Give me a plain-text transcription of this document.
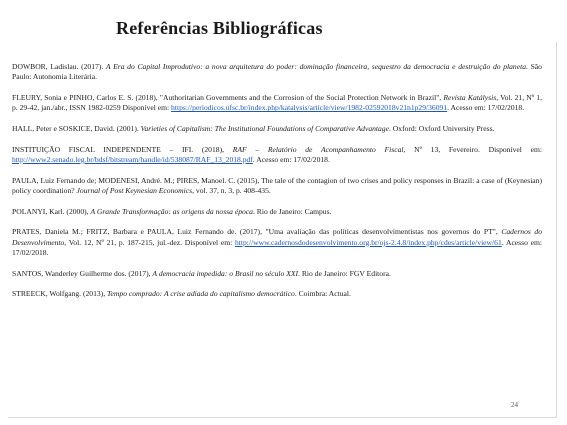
Referências Bibliográficas

DOWBOR, Ladislau. (2017). A Era do Capital Improdutivo: a nova arquitetura do poder: dominação financeira, sequestro da democracia e destruição do planeta. São Paulo: Autonomia Literária.

FLEURY, Sonia e PINHO, Carlos E. S. (2018), "Authoritarian Governments and the Corrosion of the Social Protection Network in Brazil", Revista Katálysis, Vol. 21, Nº 1, p. 29-42, jan./abr., ISSN 1982-0259 Disponível em: https://periodicos.ufsc.br/index.php/katalysis/article/view/1982-02592018v21n1p29/36091. Acesso em: 17/02/2018.

HALL, Peter e SOSKICE, David. (2001). Varieties of Capitalism: The Institutional Foundations of Comparative Advantage. Oxford: Oxford University Press.

INSTITUIÇÃO FISCAL INDEPENDENTE – IFI. (2018), RAF – Relatório de Acompanhamento Fiscal, Nº 13, Fevereiro. Disponível em: http://www2.senado.leg.br/bdsf/bitstream/handle/id/538087/RAF_13_2018.pdf. Acesso em: 17/02/2018.

PAULA, Luiz Fernando de; MODENESI, André. M.; PIRES, Manoel. C. (2015), The tale of the contagion of two crises and policy responses in Brazil: a case of (Keynesian) policy coordination? Journal of Post Keynesian Economics, vol. 37, n. 3, p. 408-435.

POLANYI, Karl. (2000), A Grande Transformação: as origens da nossa época. Rio de Janeiro: Campus.

PRATES, Daniela M.; FRITZ, Barbara e PAULA, Luiz Fernando de. (2017), "Uma avaliação das políticas desenvolvimentistas nos governos do PT", Cadernos do Desenvolvimento, Vol. 12, Nº 21, p. 187-215, jul.-dez. Disponível em: http://www.cadernosdodesenvolvimento.org.br/ojs-2.4.8/index.php/cdes/article/view/61. Acesso em: 17/02/2018.

SANTOS, Wanderley Guilherme dos. (2017), A democracia impedida: o Brasil no século XXI. Rio de Janeiro: FGV Editora.

STREECK, Wolfgang. (2013), Tempo comprado: A crise adiada do capitalismo democrático. Coimbra: Actual.

24
